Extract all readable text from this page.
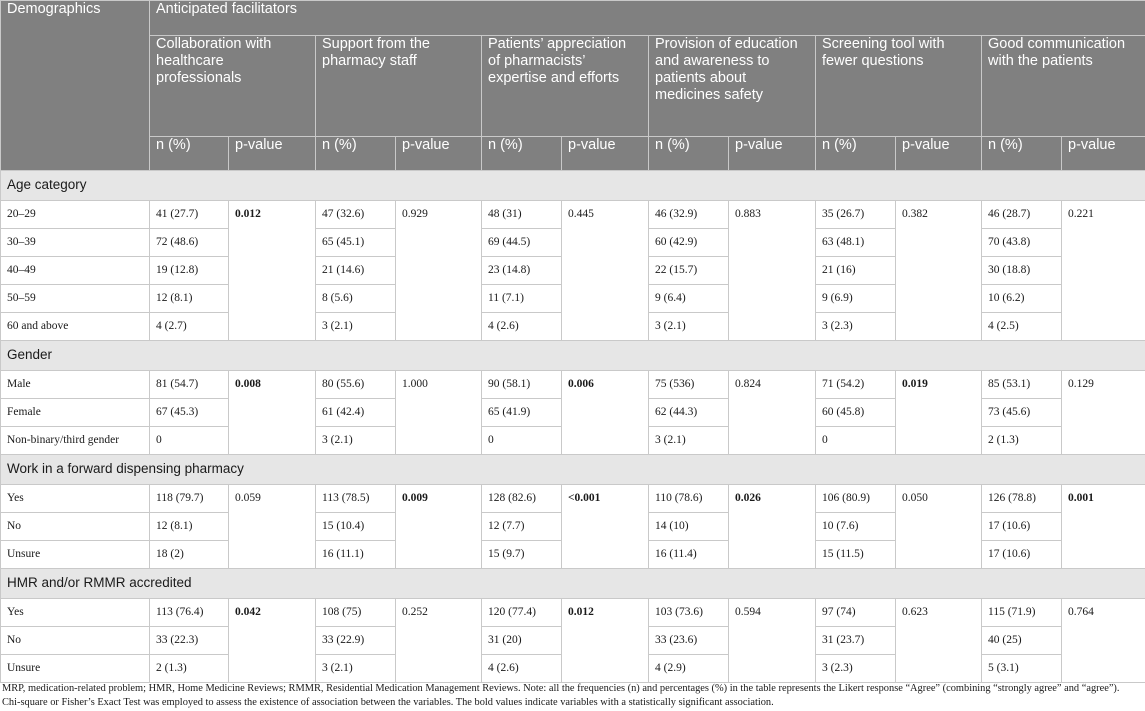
Demographics	Anticipated facilitators											
	Collaboration with healthcare professionals		Support from the pharmacy staff		Patients’ appreciation of pharmacists’ expertise and efforts		Provision of education and awareness to patients about medicines safety		Screening tool with fewer questions		Good communication with the patients	
	n (%)	p-value	n (%)	p-value	n (%)	p-value	n (%)	p-value	n (%)	p-value	n (%)	p-value
Age category												
20–29	41 (27.7)	0.012	47 (32.6)	0.929	48 (31)	0.445	46 (32.9)	0.883	35 (26.7)	0.382	46 (28.7)	0.221
30–39	72 (48.6)		65 (45.1)		69 (44.5)		60 (42.9)		63 (48.1)		70 (43.8)	
40–49	19 (12.8)		21 (14.6)		23 (14.8)		22 (15.7)		21 (16)		30 (18.8)	
50–59	12 (8.1)		8 (5.6)		11 (7.1)		9 (6.4)		9 (6.9)		10 (6.2)	
60 and above	4 (2.7)		3 (2.1)		4 (2.6)		3 (2.1)		3 (2.3)		4 (2.5)	
Gender												
Male	81 (54.7)	0.008	80 (55.6)	1.000	90 (58.1)	0.006	75 (536)	0.824	71 (54.2)	0.019	85 (53.1)	0.129
Female	67 (45.3)		61 (42.4)		65 (41.9)		62 (44.3)		60 (45.8)		73 (45.6)	
Non-binary/third gender	0		3 (2.1)		0		3 (2.1)		0		2 (1.3)	
Work in a forward dispensing pharmacy												
Yes	118 (79.7)	0.059	113 (78.5)	0.009	128 (82.6)	<0.001	110 (78.6)	0.026	106 (80.9)	0.050	126 (78.8)	0.001
No	12 (8.1)		15 (10.4)		12 (7.7)		14 (10)		10 (7.6)		17 (10.6)	
Unsure	18 (2)		16 (11.1)		15 (9.7)		16 (11.4)		15 (11.5)		17 (10.6)	
HMR and/or RMMR accredited												
Yes	113 (76.4)	0.042	108 (75)	0.252	120 (77.4)	0.012	103 (73.6)	0.594	97 (74)	0.623	115 (71.9)	0.764
No	33 (22.3)		33 (22.9)		31 (20)		33 (23.6)		31 (23.7)		40 (25)	
Unsure	2 (1.3)		3 (2.1)		4 (2.6)		4 (2.9)		3 (2.3)		5 (3.1)	
MRP, medication-related problem; HMR, Home Medicine Reviews; RMMR, Residential Medication Management Reviews. Note: all the frequencies (n) and percentages (%) in the table represents the Likert response “Agree” (combining “strongly agree” and “agree”).
Chi-square or Fisher’s Exact Test was employed to assess the existence of association between the variables. The bold values indicate variables with a statistically significant association.
